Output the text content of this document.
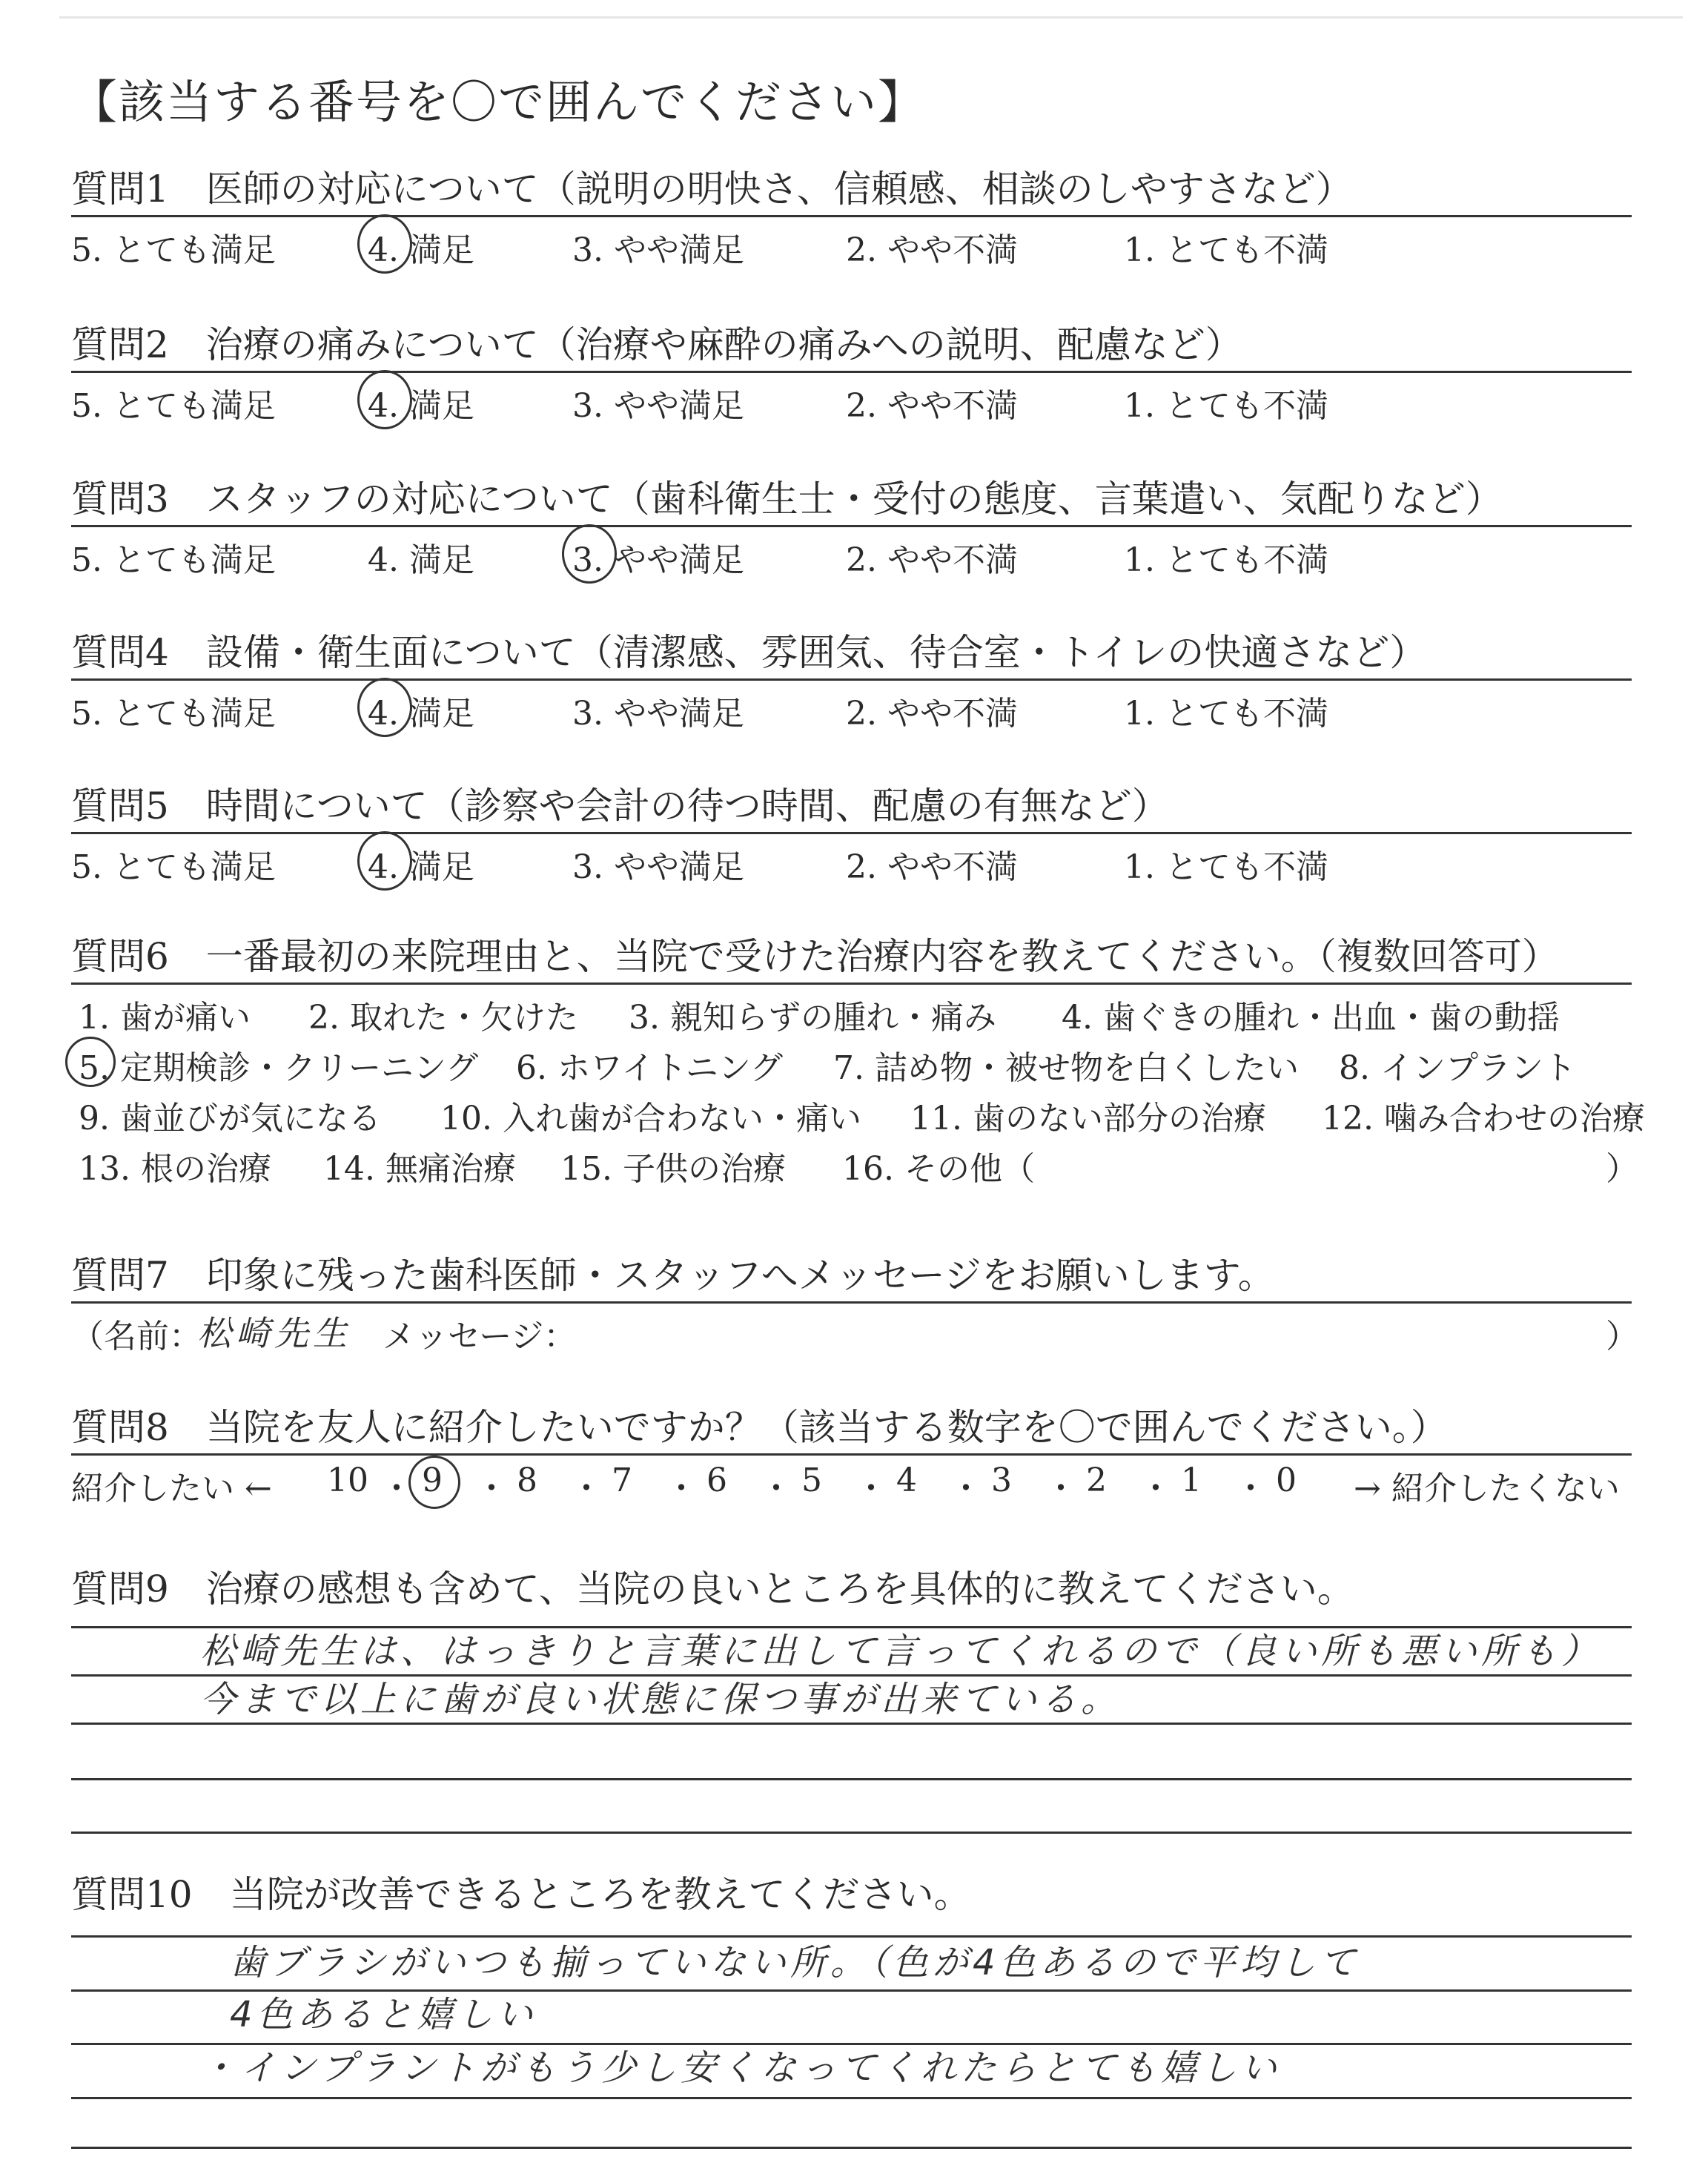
【該当する番号を〇で囲んでください】
質問1　医師の対応について（説明の明快さ、信頼感、相談のしやすさなど）
5. とても満足	4. 満足	3. やや満足	2. やや不満	1. とても不満
質問2　治療の痛みについて（治療や麻酔の痛みへの説明、配慮など）
5. とても満足	4. 満足	3. やや満足	2. やや不満	1. とても不満
質問3　スタッフの対応について（歯科衛生士・受付の態度、言葉遣い、気配りなど）
5. とても満足	4. 満足	3. やや満足	2. やや不満	1. とても不満
質問4　設備・衛生面について（清潔感、雰囲気、待合室・トイレの快適さなど）
5. とても満足	4. 満足	3. やや満足	2. やや不満	1. とても不満
質問5　時間について（診察や会計の待つ時間、配慮の有無など）
5. とても満足	4. 満足	3. やや満足	2. やや不満	1. とても不満
質問6　一番最初の来院理由と、当院で受けた治療内容を教えてください。（複数回答可）
1. 歯が痛い 2. 取れた・欠けた 3. 親知らずの腫れ・痛み 4. 歯ぐきの腫れ・出血・歯の動揺
5. 定期検診・クリーニング 6. ホワイトニング 7. 詰め物・被せ物を白くしたい 8. インプラント
9. 歯並びが気になる 10. 入れ歯が合わない・痛い 11. 歯のない部分の治療 12. 噛み合わせの治療
13. 根の治療 14. 無痛治療 15. 子供の治療 16. その他（	）
質問7　印象に残った歯科医師・スタッフへメッセージをお願いします。
（名前：
松崎先生 メッセージ：	）
質問8　当院を友人に紹介したいですか？（該当する数字を〇で囲んでください。）
紹介したい ←	→ 紹介したくない
10 ・ 9 ・ 8 ・ 7 ・ 6 ・ 5 ・ 4 ・ 3 ・ 2 ・ 1 ・ 0
質問9　治療の感想も含めて、当院の良いところを具体的に教えてください。
松崎先生は、はっきりと言葉に出して言ってくれるので（良い所も悪い所も）
今まで以上に歯が良い状態に保つ事が出来ている。
質問10　当院が改善できるところを教えてください。
歯ブラシがいつも揃っていない所。（色が4色あるので平均して
4色あると嬉しい
・インプラントがもう少し安くなってくれたらとても嬉しい
